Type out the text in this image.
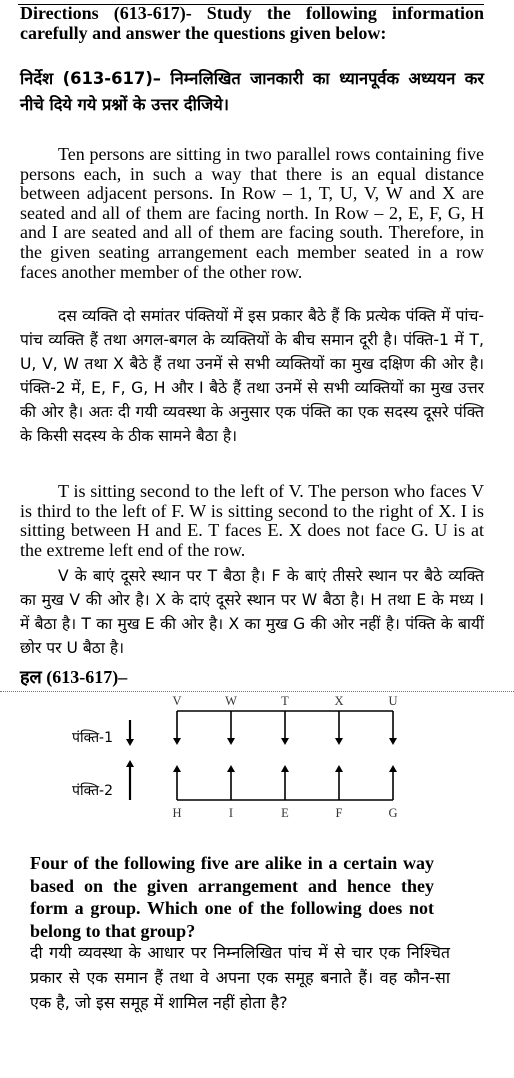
Directions (613-617)- Study the following information carefully and answer the questions given below:

निर्देश (613-617)– निम्नलिखित जानकारी का ध्यानपूर्वक अध्ययन कर नीचे दिये गये प्रश्नों के उत्तर दीजिये।

Ten persons are sitting in two parallel rows containing five persons each, in such a way that there is an equal distance between adjacent persons. In Row – 1, T, U, V, W and X are seated and all of them are facing north. In Row – 2, E, F, G, H and I are seated and all of them are facing south. Therefore, in the given seating arrangement each member seated in a row faces another member of the other row.

दस व्यक्ति दो समांतर पंक्तियों में इस प्रकार बैठे हैं कि प्रत्येक पंक्ति में पांच-पांच व्यक्ति हैं तथा अगल-बगल के व्यक्तियों के बीच समान दूरी है। पंक्ति-1 में T, U, V, W तथा X बैठे हैं तथा उनमें से सभी व्यक्तियों का मुख दक्षिण की ओर है। पंक्ति-2 में, E, F, G, H और I बैठे हैं तथा उनमें से सभी व्यक्तियों का मुख उत्तर की ओर है। अतः दी गयी व्यवस्था के अनुसार एक पंक्ति का एक सदस्य दूसरे पंक्ति के किसी सदस्य के ठीक सामने बैठा है।

T is sitting second to the left of V. The person who faces V is third to the left of F. W is sitting second to the right of X. I is sitting between H and E. T faces E. X does not face G. U is at the extreme left end of the row.

V के बाएं दूसरे स्थान पर T बैठा है। F के बाएं तीसरे स्थान पर बैठे व्यक्ति का मुख V की ओर है। X के दाएं दूसरे स्थान पर W बैठा है। H तथा E के मध्य I में बैठा है। T का मुख E की ओर है। X का मुख G की ओर नहीं है। पंक्ति के बायीं छोर पर U बैठा है।

हल (613-617)–

पंक्ति-1
पंक्ति-2
V	W	T	X	U
H	I	E	F	G

Four of the following five are alike in a certain way based on the given arrangement and hence they form a group. Which one of the following does not belong to that group?

दी गयी व्यवस्था के आधार पर निम्नलिखित पांच में से चार एक निश्चित प्रकार से एक समान हैं तथा वे अपना एक समूह बनाते हैं। वह कौन-सा एक है, जो इस समूह में शामिल नहीं होता है?
